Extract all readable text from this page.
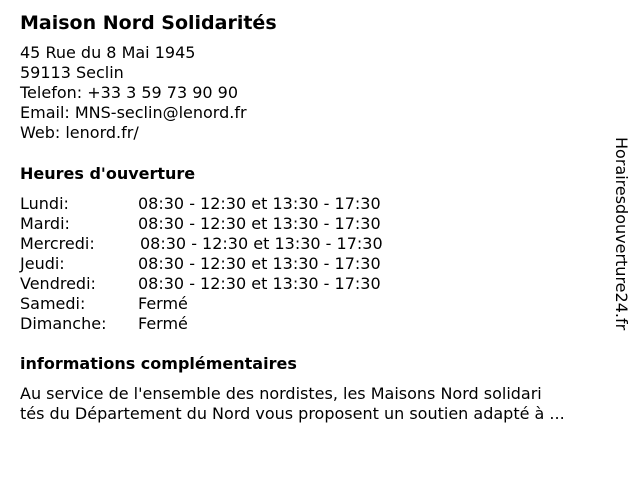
Maison Nord Solidarités
45 Rue du 8 Mai 1945
59113 Seclin
Telefon: +33 3 59 73 90 90
Email: MNS-seclin@lenord.fr
Web: lenord.fr/
Heures d'ouverture
Lundi:	08:30 - 12:30 et 13:30 - 17:30
Mardi:	08:30 - 12:30 et 13:30 - 17:30
Mercredi:	08:30 - 12:30 et 13:30 - 17:30
Jeudi:	08:30 - 12:30 et 13:30 - 17:30
Vendredi:	08:30 - 12:30 et 13:30 - 17:30
Samedi:	Fermé
Dimanche: Fermé
informations complémentaires
Au service de l'ensemble des nordistes, les Maisons Nord solidari
tés du Département du Nord vous proposent un soutien adapté à ...
Horairesdouverture24.fr
